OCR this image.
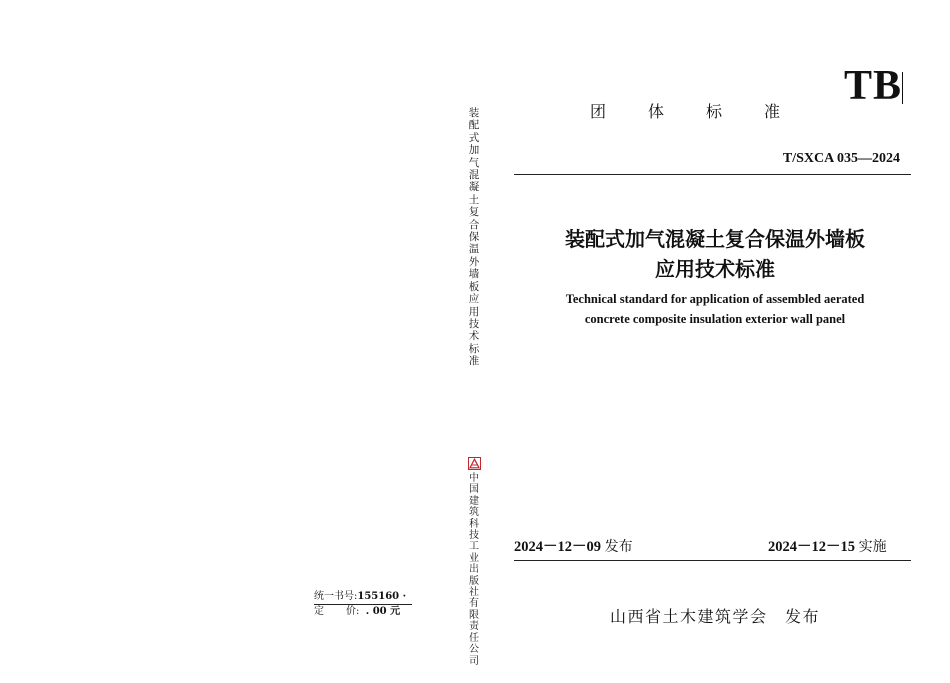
统一书号:155160 ·
定 价: . 00 元
装
配
式
加
气
混
凝
土
复
合
保
温
外
墙
板
应
用
技
术
标
准
中
国
建
筑
科
技
工
业
出
版
社
有
限
责
任
公
司
团	体	标	准
TB
T/SXCA 035—2024
装配式加气混凝土复合保温外墙板
应用技术标准
Technical standard for application of assembled aerated
concrete composite insulation exterior wall panel
2024－12－09 发布	2024－12－15 实施
山西省土木建筑学会　发布
